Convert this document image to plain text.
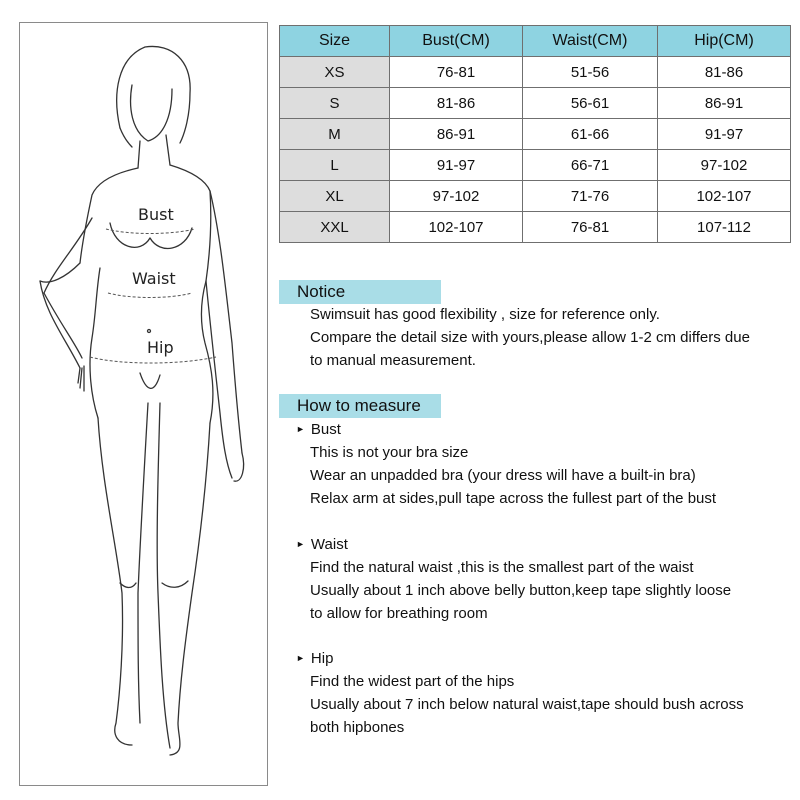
Bust
Waist
Hip
Size	Bust(CM)	Waist(CM)	Hip(CM)
XS	76-81	51-56	81-86
S	81-86	56-61	86-91
M	86-91	61-66	91-97
L	91-97	66-71	97-102
XL	97-102	71-76	102-107
XXL	102-107	76-81	107-112
Notice

Swimsuit has good flexibility , size for reference only.

Compare the detail size with yours,please allow 1-2 cm differs due

to manual measurement.

How to measure
► Bust

This is not your bra size

Wear an unpadded bra (your dress will have a built-in bra)

Relax arm at sides,pull tape across the fullest part of the bust

► Waist

Find the natural waist ,this is the smallest part of the waist

Usually about 1 inch above belly button,keep tape slightly loose

to allow for breathing room

► Hip

Find the widest part of the hips

Usually about 7 inch below natural waist,tape should bush across

both hipbones
